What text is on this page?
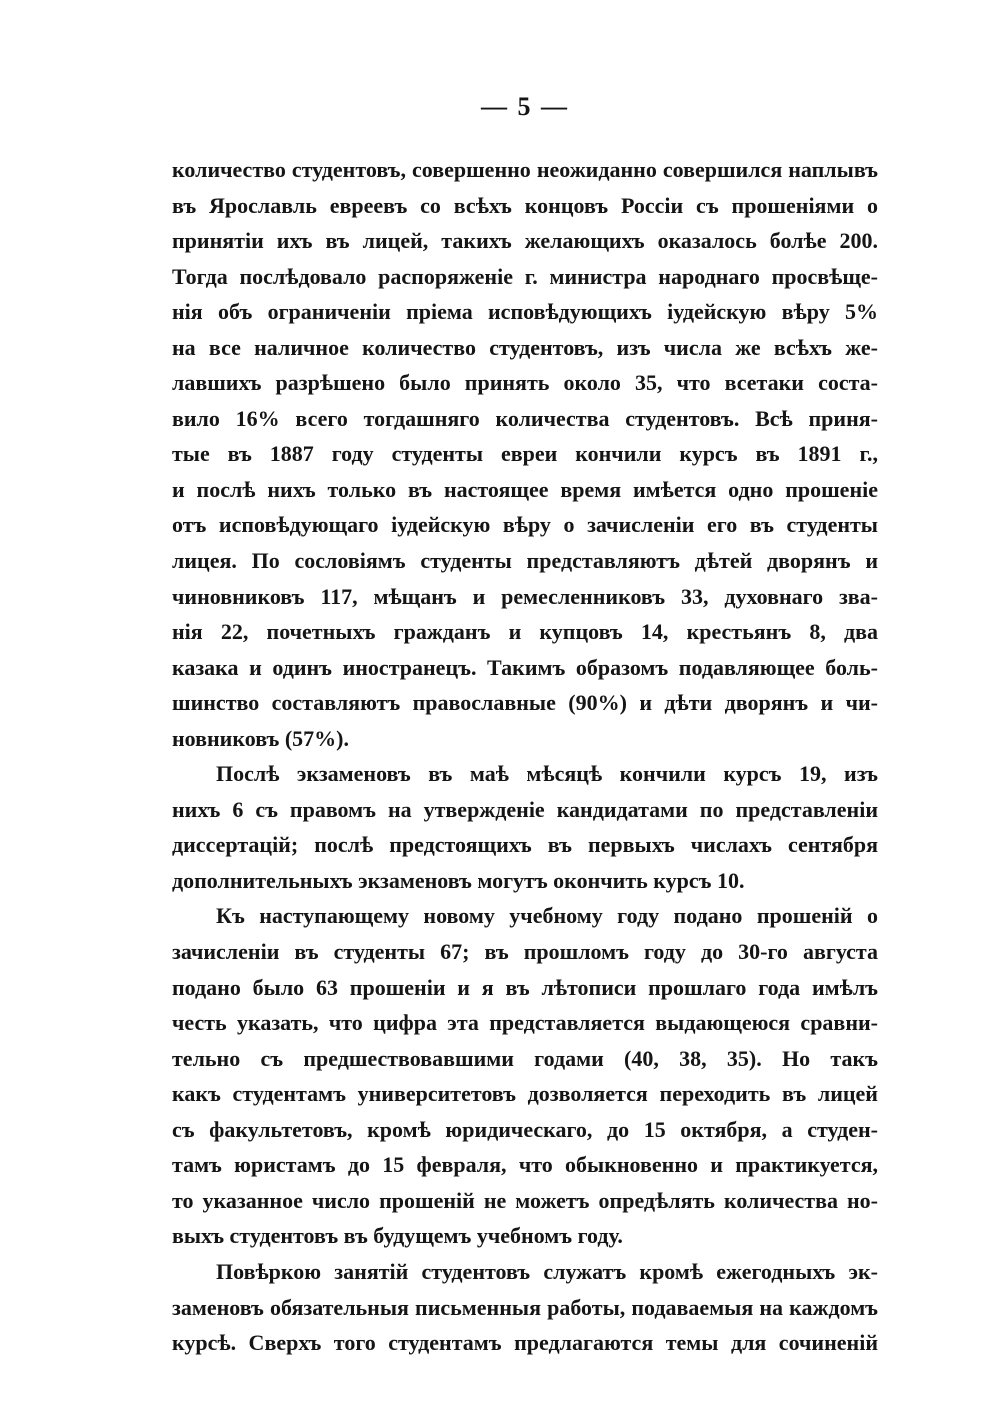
— 5 —
количество студентовъ, совершенно неожиданно совершился наплывъ
въ Ярославль евреевъ со всѣхъ концовъ Россіи съ прошеніями о
принятіи ихъ въ лицей, такихъ желающихъ оказалось болѣе 200.
Тогда послѣдовало распоряженіе г. министра народнаго просвѣще-
нія объ ограниченіи пріема исповѣдующихъ іудейскую вѣру 5%
на все наличное количество студентовъ, изъ числа же всѣхъ же-
лавшихъ разрѣшено было принять около 35, что всетаки соста-
вило 16% всего тогдашняго количества студентовъ. Всѣ приня-
тые въ 1887 году студенты евреи кончили курсъ въ 1891 г.,
и послѣ нихъ только въ настоящее время имѣется одно прошеніе
отъ исповѣдующаго іудейскую вѣру о зачисленіи его въ студенты
лицея. По сословіямъ студенты представляютъ дѣтей дворянъ и
чиновниковъ 117, мѣщанъ и ремесленниковъ 33, духовнаго зва-
нія 22, почетныхъ гражданъ и купцовъ 14, крестьянъ 8, два
казака и одинъ иностранецъ. Такимъ образомъ подавляющее боль-
шинство составляютъ православные (90%) и дѣти дворянъ и чи-
новниковъ (57%).
Послѣ экзаменовъ въ маѣ мѣсяцѣ кончили курсъ 19, изъ
нихъ 6 съ правомъ на утвержденіе кандидатами по представленіи
диссертацій; послѣ предстоящихъ въ первыхъ числахъ сентября
дополнительныхъ экзаменовъ могутъ окончить курсъ 10.
Къ наступающему новому учебному году подано прошеній о
зачисленіи въ студенты 67; въ прошломъ году до 30-го августа
подано было 63 прошеніи и я въ лѣтописи прошлаго года имѣлъ
честь указать, что цифра эта представляется выдающеюся сравни-
тельно съ предшествовавшими годами (40, 38, 35). Но такъ
какъ студентамъ университетовъ дозволяется переходить въ лицей
съ факультетовъ, кромѣ юридическаго, до 15 октября, а студен-
тамъ юристамъ до 15 февраля, что обыкновенно и практикуется,
то указанное число прошеній не можетъ опредѣлять количества но-
выхъ студентовъ въ будущемъ учебномъ году.
Повѣркою занятій студентовъ служатъ кромѣ ежегодныхъ эк-
заменовъ обязательныя письменныя работы, подаваемыя на каждомъ
курсѣ. Сверхъ того студентамъ предлагаются темы для сочиненій
